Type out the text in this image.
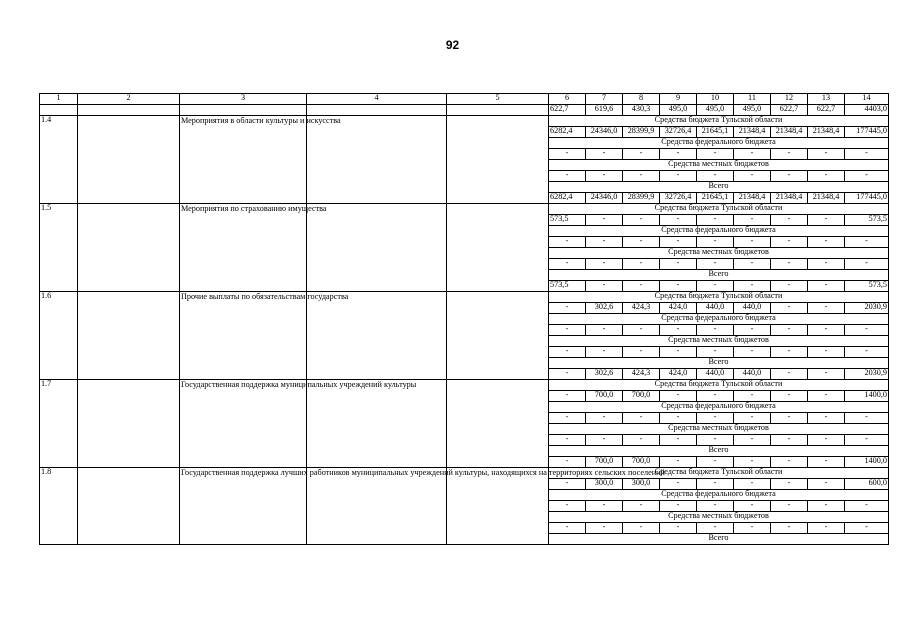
92
1	2	3	4	5	6	7	8	9	10	11	12	13	14
					622,7	619,6	430,3	495,0	495,0	495,0	622,7	622,7	4403,0
1.4		Мероприятия в области культуры и искусства			Средства бюджета Тульской области								
					6282,4	24346,0	28399,9	32726,4	21645,1	21348,4	21348,4	21348,4	177445,0
					Средства федерального бюджета								
					-	-	-	-	-	-	-	-	-
					Средства местных бюджетов								
					-	-	-	-	-	-	-	-	-
					Всего								
					6282,4	24346,0	28399,9	32726,4	21645,1	21348,4	21348,4	21348,4	177445,0
1.5		Мероприятия по страхованию имущества			Средства бюджета Тульской области								
					573,5	-	-	-	-	-	-	-	573,5
					Средства федерального бюджета								
					-	-	-	-	-	-	-	-	-
					Средства местных бюджетов								
					-	-	-	-	-	-	-	-	-
					Всего								
					573,5	-	-	-	-	-	-	-	573,5
1.6		Прочие выплаты по обязательствам государства			Средства бюджета Тульской области								
					-	302,6	424,3	424,0	440,0	440,0	-	-	2030,9
					Средства федерального бюджета								
					-	-	-	-	-	-	-	-	-
					Средства местных бюджетов								
					-	-	-	-	-	-	-	-	-
					Всего								
					-	302,6	424,3	424,0	440,0	440,0	-	-	2030,9
1.7		Государственная поддержка муниципальных учреждений культуры			Средства бюджета Тульской области								
					-	700,0	700,0	-	-	-	-	-	1400,0
					Средства федерального бюджета								
					-	-	-	-	-	-	-	-	-
					Средства местных бюджетов								
					-	-	-	-	-	-	-	-	-
					Всего								
					-	700,0	700,0	-	-	-	-	-	1400,0
1.8		Государственная поддержка лучших работников муниципальных учреждений культуры, находящихся на территориях сельских поселений			Средства бюджета Тульской области								
					-	300,0	300,0	-	-	-	-	-	600,0
					Средства федерального бюджета								
					-	-	-	-	-	-	-	-	-
					Средства местных бюджетов								
					-	-	-	-	-	-	-	-	-
					Всего								
